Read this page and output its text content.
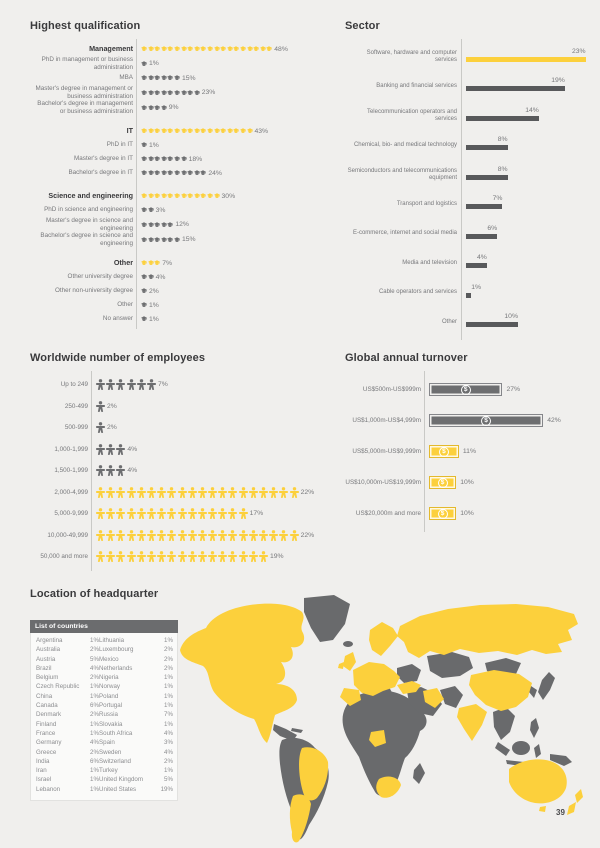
Highest qualification
Management	48%
PhD in management or business administration	1%
MBA	15%
Master's degree in management or business administration	23%
Bachelor's degree in management or business administration	9%
IT	43%
PhD in IT	1%
Master's degree in IT	18%
Bachelor's degree in IT	24%
Science and engineering	30%
PhD in science and engineering	3%
Master's degree in science and engineering	12%
Bachelor's degree in science and engineering	15%
Other	7%
Other university degree	4%
Other non-university degree	2%
Other	1%
No answer	1%
Sector
Software, hardware and computer services
23%
Banking and financial services
19%
Telecommunication operators and services
14%
Chemical, bio- and medical technology
8%
Semiconductors and telecommunications equipment
8%
Transport and logistics
7%
E-commerce, internet and social media
6%
Media and television
4%
Cable operators and services
1%
Other
10%
Worldwide number of employees
Up to 249	7%
250-499	2%
500-999	2%
1,000-1,999	4%
1,500-1,999	4%
2,000-4,999	22%
5,000-9,999	17%
10,000-49,999	22%
50,000 and more	19%
Global annual turnover
US$500m-US$999m	$	27%
US$1,000m-US$4,999m	$	42%
US$5,000m-US$9,999m	$	11%
US$10,000m-US$19,999m	$	10%
US$20,000m and more	$	10%
Location of headquarter
List of countries
Argentina	1% Lithuania	1%
Australia	2% Luxembourg	2%
Austria	5% Mexico	2%
Brazil	4% Netherlands	2%
Belgium	2% Nigeria	1%
Czech Republic	1% Norway	1%
China	1% Poland	1%
Canada	6% Portugal	1%
Denmark	2% Russia	7%
Finland	1% Slovakia	1%
France	1% South Africa	4%
Germany	4% Spain	3%
Greece	2% Sweden	4%
India	6% Switzerland	2%
Iran	1% Turkey	1%
Israel	1% United Kingdom	5%
Lebanon	1% United States	19%
39
